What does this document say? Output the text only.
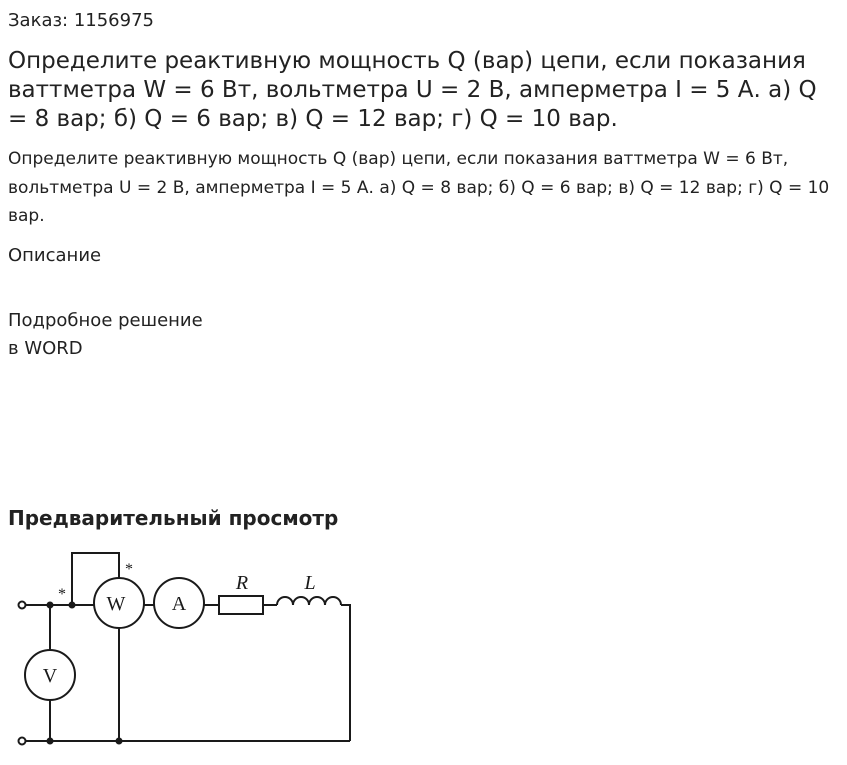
Заказ: 1156975

Определите реактивную мощность Q (вар) цепи, если показания ваттметра W = 6 Вт, вольтметра U = 2 В, амперметра I = 5 А. а) Q = 8 вар; б) Q = 6 вар; в) Q = 12 вар; г) Q = 10 вар.

Определите реактивную мощность Q (вар) цепи, если показания ваттметра W = 6 Вт, вольтметра U = 2 В, амперметра I = 5 А. а) Q = 8 вар; б) Q = 6 вар; в) Q = 12 вар; г) Q = 10 вар.

Описание

Подробное решение
в WORD

Предварительный просмотр
W A
V
R	L
*
*
